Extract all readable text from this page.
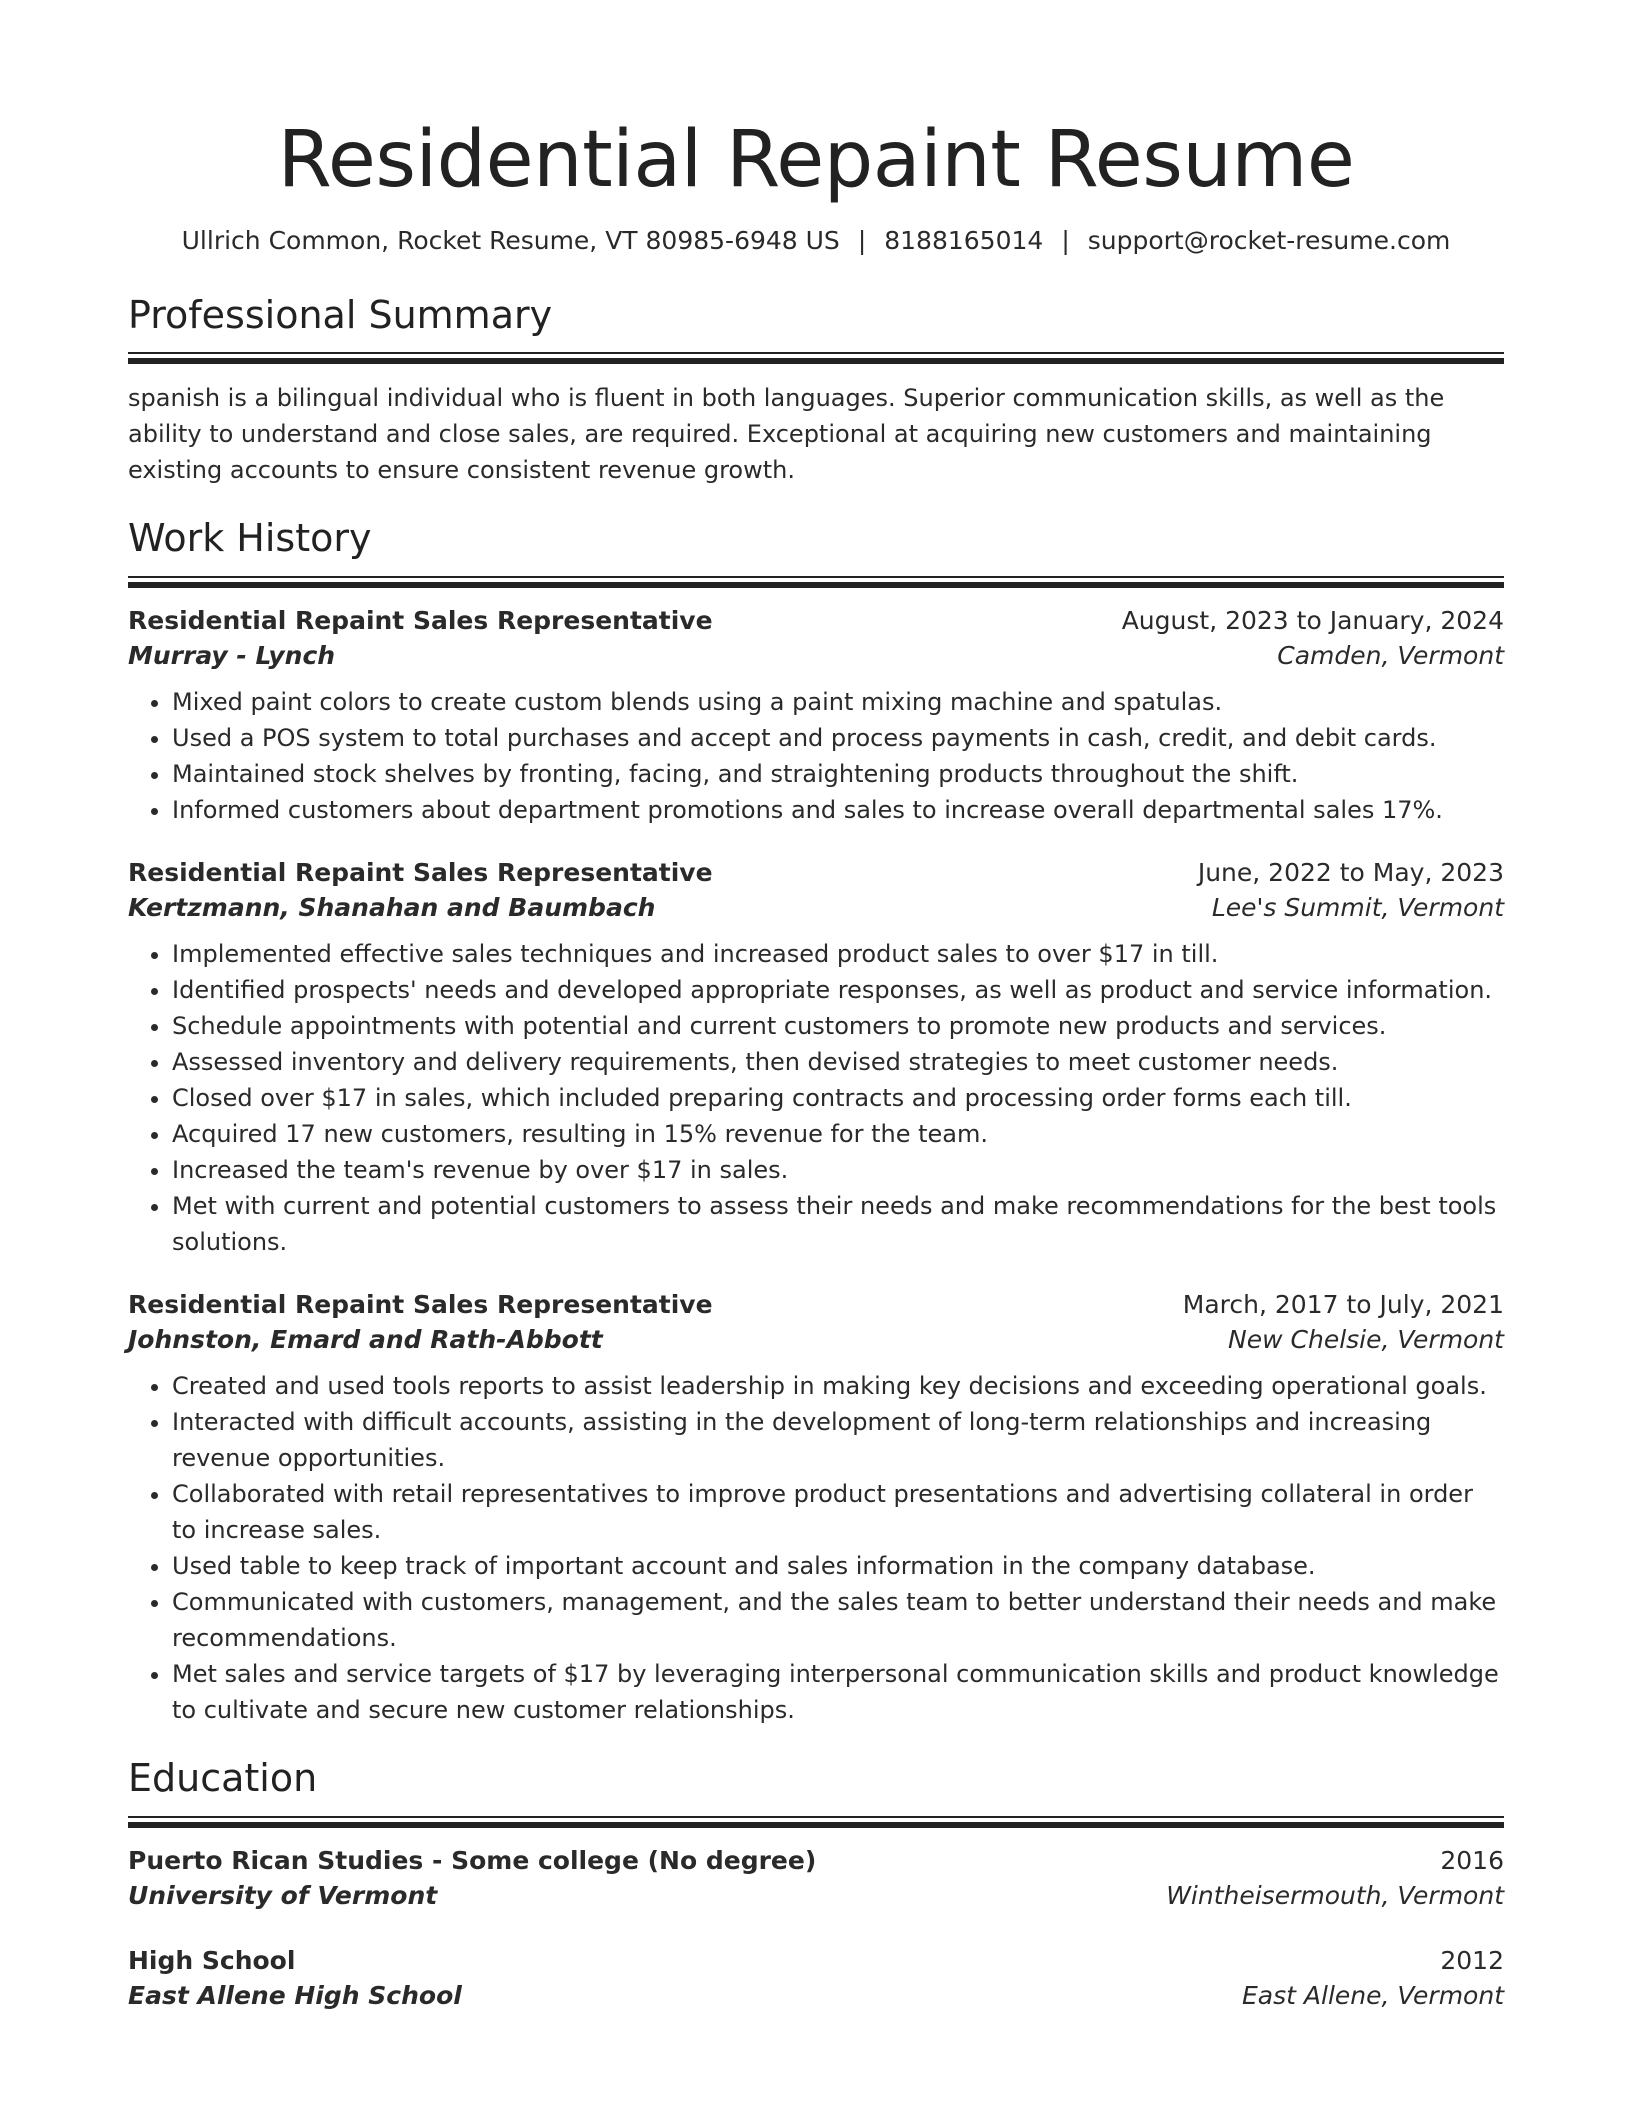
Residential Repaint Resume
Ullrich Common, Rocket Resume, VT 80985-6948 US | 8188165014 | support@rocket-resume.com
Professional Summary
spanish is a bilingual individual who is fluent in both languages. Superior communication skills, as well as the ability to understand and close sales, are required. Exceptional at acquiring new customers and maintaining existing accounts to ensure consistent revenue growth.
Work History
Residential Repaint Sales Representative	August, 2023 to January, 2024
Murray - Lynch	Camden, Vermont
• Mixed paint colors to create custom blends using a paint mixing machine and spatulas.
• Used a POS system to total purchases and accept and process payments in cash, credit, and debit cards.
• Maintained stock shelves by fronting, facing, and straightening products throughout the shift.
• Informed customers about department promotions and sales to increase overall departmental sales 17%.
Residential Repaint Sales Representative	June, 2022 to May, 2023
Kertzmann, Shanahan and Baumbach	Lee's Summit, Vermont
• Implemented effective sales techniques and increased product sales to over $17 in till.
• Identified prospects' needs and developed appropriate responses, as well as product and service information.
• Schedule appointments with potential and current customers to promote new products and services.
• Assessed inventory and delivery requirements, then devised strategies to meet customer needs.
• Closed over $17 in sales, which included preparing contracts and processing order forms each till.
• Acquired 17 new customers, resulting in 15% revenue for the team.
• Increased the team's revenue by over $17 in sales.
• Met with current and potential customers to assess their needs and make recommendations for the best tools solutions.
Residential Repaint Sales Representative	March, 2017 to July, 2021
Johnston, Emard and Rath-Abbott	New Chelsie, Vermont
• Created and used tools reports to assist leadership in making key decisions and exceeding operational goals.
• Interacted with difficult accounts, assisting in the development of long-term relationships and increasing revenue opportunities.
• Collaborated with retail representatives to improve product presentations and advertising collateral in order to increase sales.
• Used table to keep track of important account and sales information in the company database.
• Communicated with customers, management, and the sales team to better understand their needs and make recommendations.
• Met sales and service targets of $17 by leveraging interpersonal communication skills and product knowledge to cultivate and secure new customer relationships.
Education
Puerto Rican Studies - Some college (No degree)	2016
University of Vermont	Wintheisermouth, Vermont
High School	2012
East Allene High School	East Allene, Vermont
